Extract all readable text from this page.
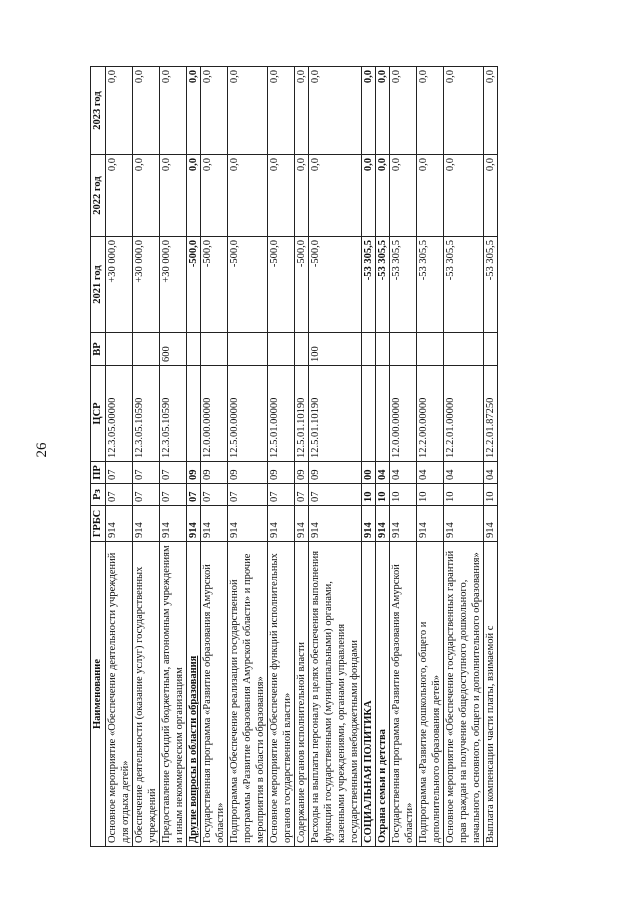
26
Наименование	ГРБС	Рз	ПР	ЦСР	ВР	2021 год	2022 год	2023 год
Основное мероприятие «Обеспечение деятельности учреждений для отдыха детей»	914	07	07	12.3.05.00000		+30 000,0	0,0	0,0
Обеспечение деятельности (оказание услуг) государственных учреждений	914	07	07	12.3.05.10590		+30 000,0	0,0	0,0
Предоставление субсидий бюджетным, автономным учреждениям и иным некоммерческим организациям	914	07	07	12.3.05.10590	600	+30 000,0	0,0	0,0
Другие вопросы в области образования	914	07	09			-500,0	0,0	0,0
Государственная программа «Развитие образования Амурской области»	914	07	09	12.0.00.00000		-500,0	0,0	0,0
Подпрограмма «Обеспечение реализации государственной программы «Развитие образования Амурской области» и прочие мероприятия в области образования»	914	07	09	12.5.00.00000		-500,0	0,0	0,0
Основное мероприятие «Обеспечение функций исполнительных органов государственной власти»	914	07	09	12.5.01.00000		-500,0	0,0	0,0
Содержание органов исполнительной власти	914	07	09	12.5.01.10190		-500,0	0,0	0,0
Расходы на выплаты персоналу в целях обеспечения выполнения функций государственными (муниципальными) органами, казенными учреждениями, органами управления государственными внебюджетными фондами	914	07	09	12.5.01.10190	100	-500,0	0,0	0,0
СОЦИАЛЬНАЯ ПОЛИТИКА	914	10	00			-53 305,5	0,0	0,0
Охрана семьи и детства	914	10	04			-53 305,5	0,0	0,0
Государственная программа «Развитие образования Амурской области»	914	10	04	12.0.00.00000		-53 305,5	0,0	0,0
Подпрограмма «Развитие дошкольного, общего и дополнительного образования детей»	914	10	04	12.2.00.00000		-53 305,5	0,0	0,0
Основное мероприятие «Обеспечение государственных гарантий прав граждан на получение общедоступного дошкольного, начального, основного, общего и дополнительного образования»	914	10	04	12.2.01.00000		-53 305,5	0,0	0,0
Выплата компенсации части платы, взимаемой с	914	10	04	12.2.01.87250		-53 305,5	0,0	0,0
